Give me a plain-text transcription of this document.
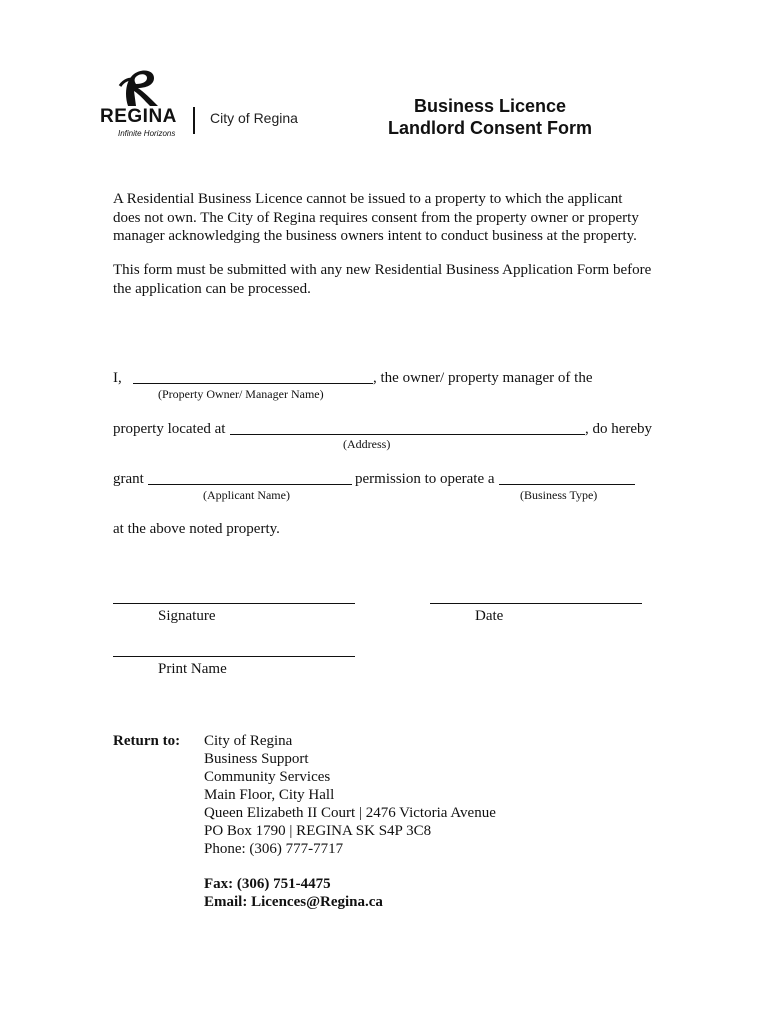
REGINA
Infinite Horizons
City of Regina
Business Licence
Landlord Consent Form
A Residential Business Licence cannot be issued to a property to which the applicant
does not own. The City of Regina requires consent from the property owner or property
manager acknowledging the business owners intent to conduct business at the property.
This form must be submitted with any new Residential Business Application Form before
the application can be processed.
I,	, the owner/ property manager of the
(Property Owner/ Manager Name)
property located at	, do hereby
(Address)
grant	permission to operate a
(Applicant Name)	(Business Type)
at the above noted property.
Signature	Date
Print Name
Return to: City of Regina
Business Support
Community Services
Main Floor, City Hall
Queen Elizabeth II Court | 2476 Victoria Avenue
PO Box 1790 | REGINA SK S4P 3C8
Phone: (306) 777-7717
Fax: (306) 751-4475
Email: Licences@Regina.ca
